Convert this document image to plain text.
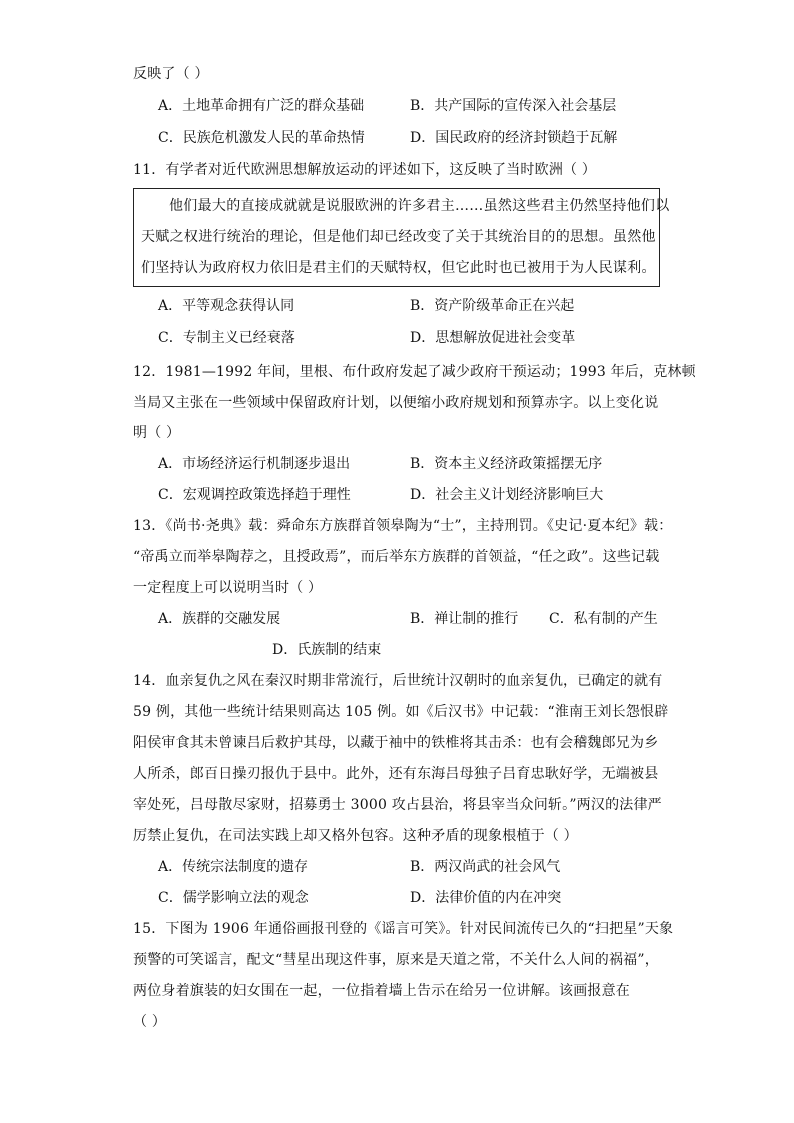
反映了（ ）
A．土地革命拥有广泛的群众基础	B．共产国际的宣传深入社会基层
C．民族危机激发人民的革命热情	D．国民政府的经济封锁趋于瓦解
11．有学者对近代欧洲思想解放运动的评述如下，这反映了当时欧洲（ ）
他们最大的直接成就就是说服欧洲的许多君主……虽然这些君主仍然坚持他们以
天赋之权进行统治的理论，但是他们却已经改变了关于其统治目的的思想。虽然他
们坚持认为政府权力依旧是君主们的天赋特权，但它此时也已被用于为人民谋利。
A．平等观念获得认同	B．资产阶级革命正在兴起
C．专制主义已经衰落	D．思想解放促进社会变革
12．1981—1992 年间，里根、布什政府发起了减少政府干预运动；1993 年后，克林顿
当局又主张在一些领域中保留政府计划，以便缩小政府规划和预算赤字。以上变化说
明（ ）
A．市场经济运行机制逐步退出	B．资本主义经济政策摇摆无序
C．宏观调控政策选择趋于理性	D．社会主义计划经济影响巨大
13．《尚书·尧典》载：舜命东方族群首领皋陶为“士”，主持刑罚。《史记·夏本纪》载：
“帝禹立而举皋陶荐之，且授政焉”，而后举东方族群的首领益，“任之政”。这些记载
一定程度上可以说明当时（ ）
A．族群的交融发展	B．禅让制的推行 C．私有制的产生
D．氏族制的结束
14．血亲复仇之风在秦汉时期非常流行，后世统计汉朝时的血亲复仇，已确定的就有
59 例，其他一些统计结果则高达 105 例。如《后汉书》中记载：“淮南王刘长怨恨辟
阳侯审食其未曾谏吕后救护其母，以藏于袖中的铁椎将其击杀：也有会稽魏郎兄为乡
人所杀，郎百日操刃报仇于县中。此外，还有东海吕母独子吕育忠耿好学，无端被县
宰处死，吕母散尽家财，招募勇士 3000 攻占县治，将县宰当众问斩。”两汉的法律严
厉禁止复仇，在司法实践上却又格外包容。这种矛盾的现象根植于（ ）
A．传统宗法制度的遗存	B．两汉尚武的社会风气
C．儒学影响立法的观念	D．法律价值的内在冲突
15．下图为 1906 年通俗画报刊登的《谣言可笑》。针对民间流传已久的“扫把星”天象
预警的可笑谣言，配文“彗星出现这件事，原来是天道之常，不关什么人间的祸福”，
两位身着旗装的妇女围在一起，一位指着墙上告示在给另一位讲解。该画报意在
（ ）
